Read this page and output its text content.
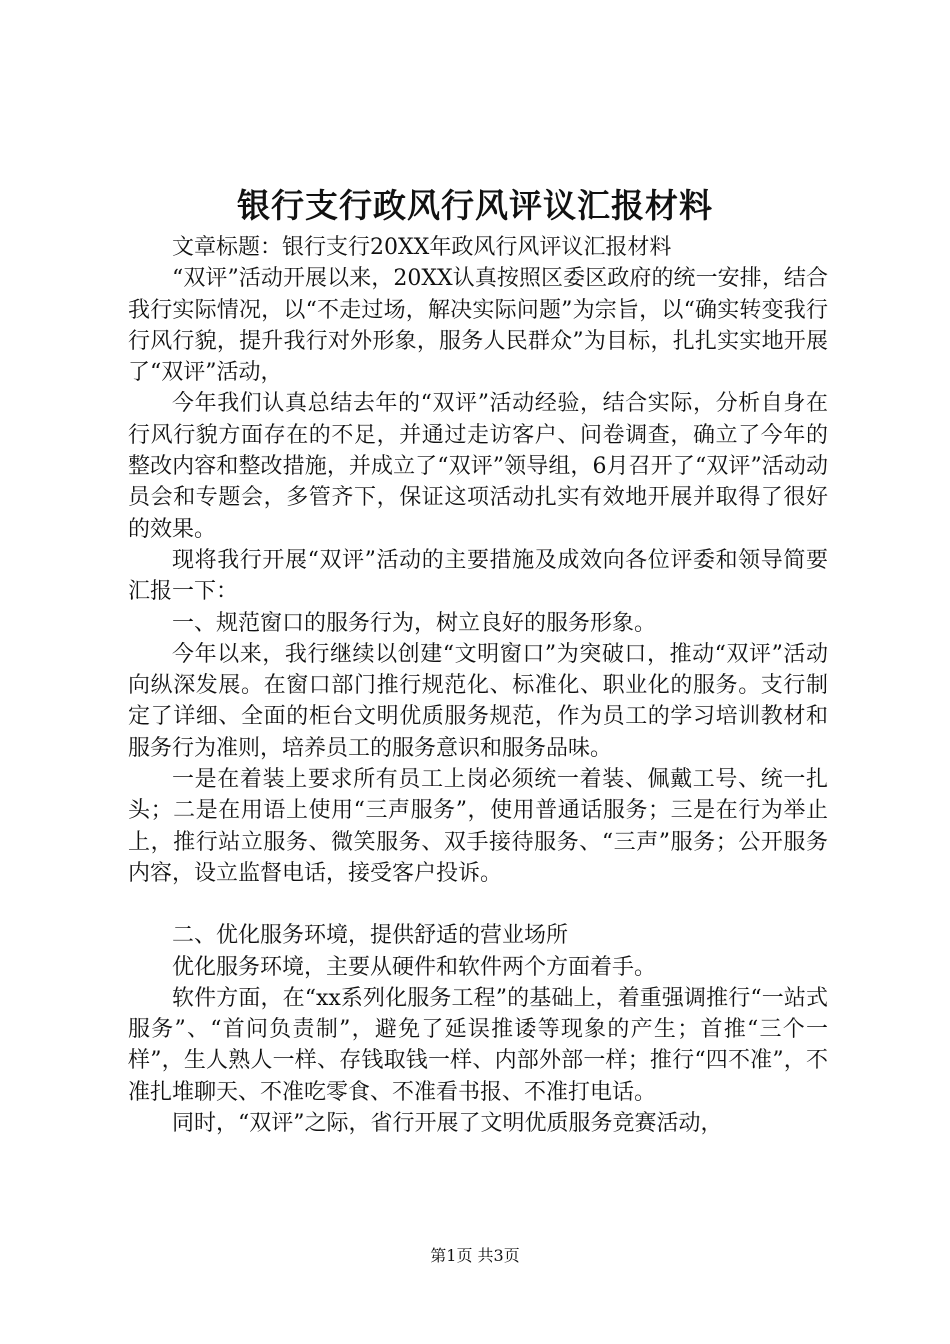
银行支行政风行风评议汇报材料

文章标题：银行支行20XX年政风行风评议汇报材料

“双评”活动开展以来，20XX认真按照区委区政府的统一安排，结合我行实际情况，以“不走过场，解决实际问题”为宗旨，以“确实转变我行行风行貌，提升我行对外形象，服务人民群众”为目标，扎扎实实地开展了“双评”活动，

今年我们认真总结去年的“双评”活动经验，结合实际，分析自身在行风行貌方面存在的不足，并通过走访客户、问卷调查，确立了今年的整改内容和整改措施，并成立了“双评”领导组，6月召开了“双评”活动动员会和专题会，多管齐下，保证这项活动扎实有效地开展并取得了很好的效果。

现将我行开展“双评”活动的主要措施及成效向各位评委和领导简要汇报一下：

一、规范窗口的服务行为，树立良好的服务形象。

今年以来，我行继续以创建“文明窗口”为突破口，推动“双评”活动向纵深发展。在窗口部门推行规范化、标准化、职业化的服务。支行制定了详细、全面的柜台文明优质服务规范，作为员工的学习培训教材和服务行为准则，培养员工的服务意识和服务品味。

一是在着装上要求所有员工上岗必须统一着装、佩戴工号、统一扎头；二是在用语上使用“三声服务”，使用普通话服务；三是在行为举止上，推行站立服务、微笑服务、双手接待服务、“三声”服务；公开服务内容，设立监督电话，接受客户投诉。

二、优化服务环境，提供舒适的营业场所

优化服务环境，主要从硬件和软件两个方面着手。

软件方面，在“xx系列化服务工程”的基础上，着重强调推行“一站式服务”、“首问负责制”，避免了延误推诿等现象的产生；首推“三个一样”，生人熟人一样、存钱取钱一样、内部外部一样；推行“四不准”，不准扎堆聊天、不准吃零食、不准看书报、不准打电话。

同时，“双评”之际，省行开展了文明优质服务竞赛活动，

第1页 共3页
